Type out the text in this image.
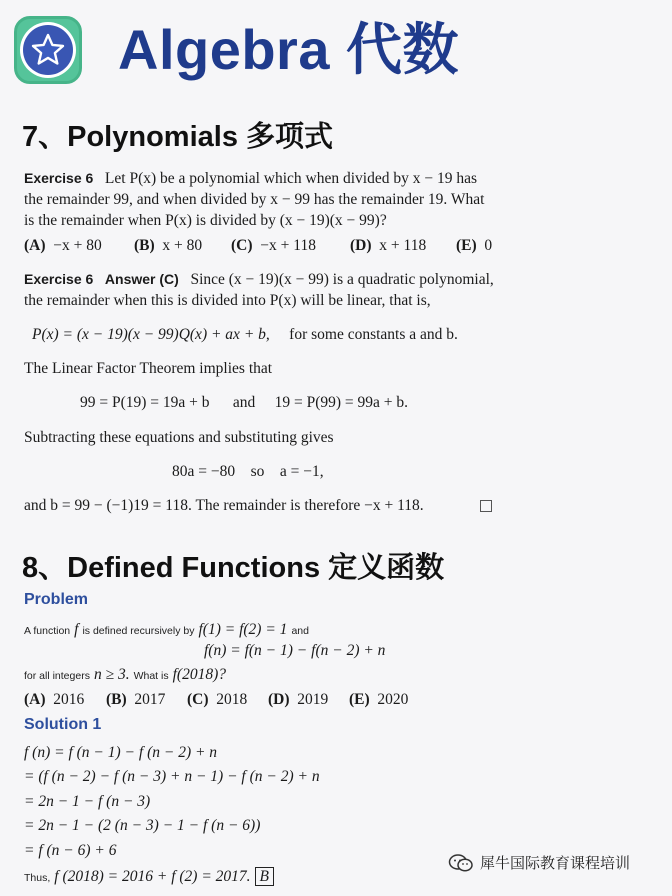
Algebra 代数
7、Polynomials 多项式
Exercise 6 Let P(x) be a polynomial which when divided by x − 19 has
the remainder 99, and when divided by x − 99 has the remainder 19. What
is the remainder when P(x) is divided by (x − 19)(x − 99)?
(A) −x + 80 (B) x + 80 (C) −x + 118 (D) x + 118 (E) 0
Exercise 6 Answer (C) Since (x − 19)(x − 99) is a quadratic polynomial,
the remainder when this is divided into P(x) will be linear, that is,
P(x) = (x − 19)(x − 99)Q(x) + ax + b, for some constants a and b.
The Linear Factor Theorem implies that
99 = P(19) = 19a + b and 19 = P(99) = 99a + b.
Subtracting these equations and substituting gives
80a = −80 so a = −1,
and b = 99 − (−1)19 = 118. The remainder is therefore −x + 118.
8、Defined Functions 定义函数
Problem
A function f is defined recursively by f(1) = f(2) = 1 and
f(n) = f(n − 1) − f(n − 2) + n
for all integers n ≥ 3. What is f(2018)?
(A) 2016 (B) 2017 (C) 2018 (D) 2019 (E) 2020
Solution 1
f (n) = f (n − 1) − f (n − 2) + n
= (f (n − 2) − f (n − 3) + n − 1) − f (n − 2) + n
= 2n − 1 − f (n − 3)
= 2n − 1 − (2 (n − 3) − 1 − f (n − 6))
= f (n − 6) + 6
Thus, f (2018) = 2016 + f (2) = 2017. B
犀牛国际教育课程培训
